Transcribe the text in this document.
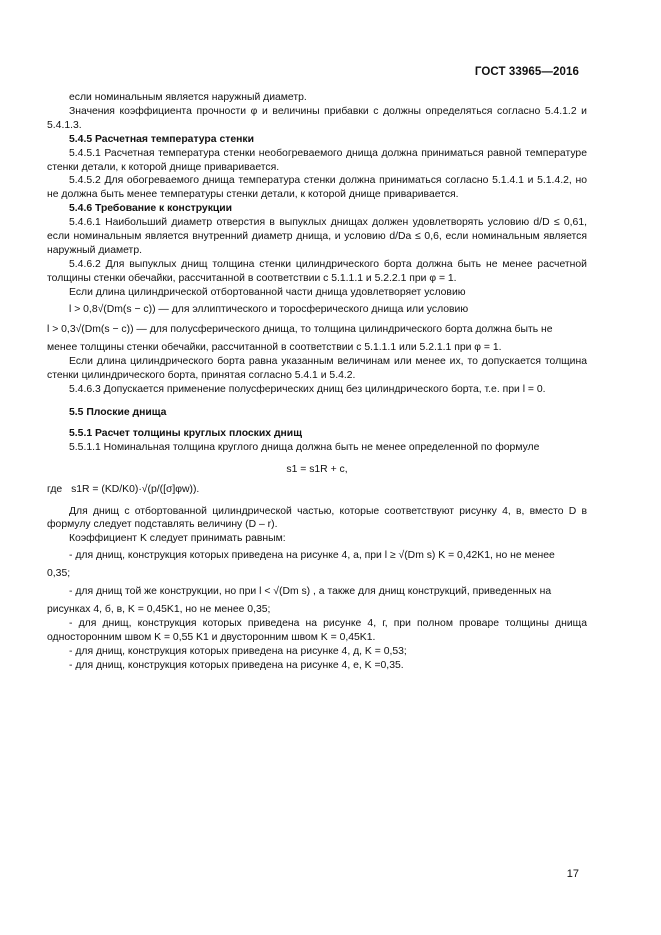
ГОСТ 33965—2016

если номинальным является наружный диаметр.

Значения коэффициента прочности φ и величины прибавки c должны определяться согласно 5.4.1.2 и 5.4.1.3.

5.4.5 Расчетная температура стенки

5.4.5.1 Расчетная температура стенки необогреваемого днища должна приниматься равной температуре стенки детали, к которой днище приваривается.

5.4.5.2 Для обогреваемого днища температура стенки должна приниматься согласно 5.1.4.1 и 5.1.4.2, но не должна быть менее температуры стенки детали, к которой днище приваривается.

5.4.6 Требование к конструкции

5.4.6.1 Наибольший диаметр отверстия в выпуклых днищах должен удовлетворять условию d/D ≤ 0,61, если номинальным является внутренний диаметр днища, и условию d/Da ≤ 0,6, если номинальным является наружный диаметр.

5.4.6.2 Для выпуклых днищ толщина стенки цилиндрического борта должна быть не менее расчетной толщины стенки обечайки, рассчитанной в соответствии с 5.1.1.1 и 5.2.2.1 при φ = 1.

Если длина цилиндрической отбортованной части днища удовлетворяет условию

l > 0,8√(Dm(s − c)) — для эллиптического и торосферического днища или условию

l > 0,3√(Dm(s − c)) — для полусферического днища, то толщина цилиндрического борта должна быть не

менее толщины стенки обечайки, рассчитанной в соответствии с 5.1.1.1 или 5.2.1.1 при φ = 1.

Если длина цилиндрического борта равна указанным величинам или менее их, то допускается толщина стенки цилиндрического борта, принятая согласно 5.4.1 и 5.4.2.

5.4.6.3 Допускается применение полусферических днищ без цилиндрического борта, т.е. при l = 0.

5.5 Плоские днища

5.5.1 Расчет толщины круглых плоских днищ

5.5.1.1 Номинальная толщина круглого днища должна быть не менее определенной по формуле

s1 = s1R + c,
где s1R = (KD/K0)·√(p/([σ]φw)).

Для днищ с отбортованной цилиндрической частью, которые соответствуют рисунку 4, в, вместо D в формулу следует подставлять величину (D – r).

Коэффициент K следует принимать равным:

- для днищ, конструкция которых приведена на рисунке 4, а, при l ≥ √(Dm s) K = 0,42K1, но не менее

0,35;

- для днищ той же конструкции, но при l < √(Dm s) , а также для днищ конструкций, приведенных на

рисунках 4, б, в, K = 0,45K1, но не менее 0,35;

- для днищ, конструкция которых приведена на рисунке 4, г, при полном проваре толщины днища односторонним швом K = 0,55 K1 и двусторонним швом K = 0,45K1.

- для днищ, конструкция которых приведена на рисунке 4, д, K = 0,53;

- для днищ, конструкция которых приведена на рисунке 4, е, K =0,35.

17
